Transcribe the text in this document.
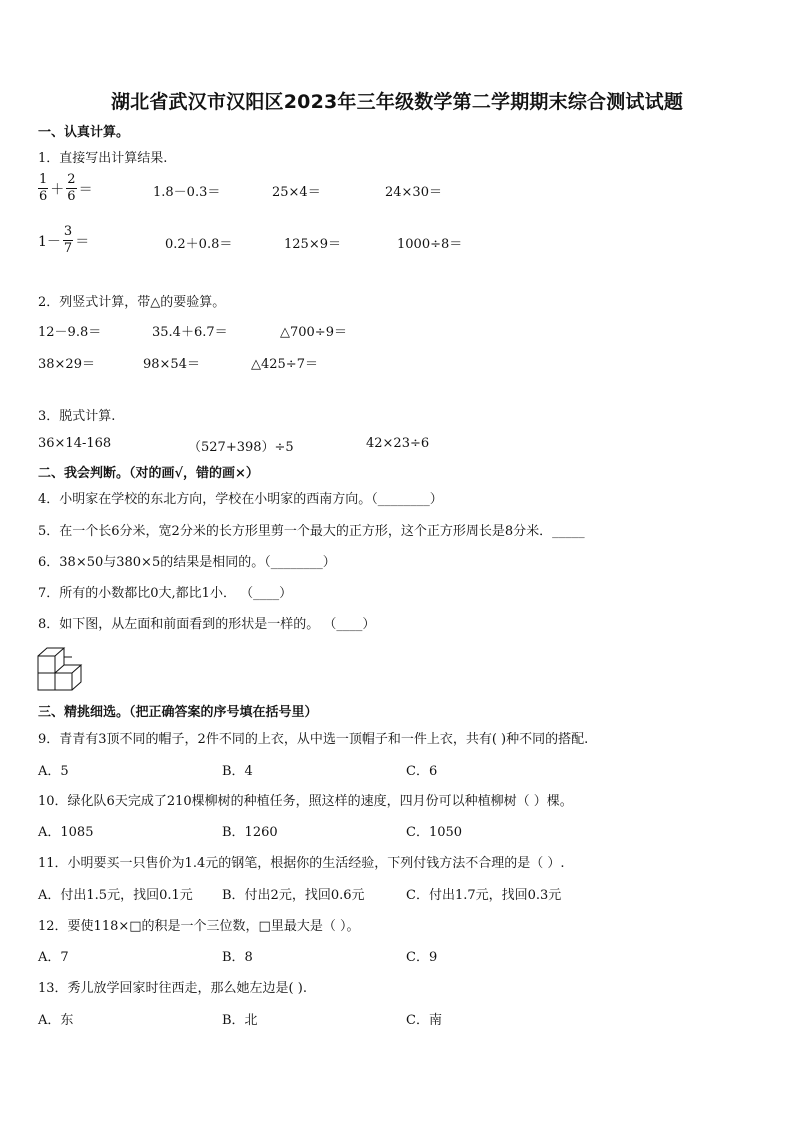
湖北省武汉市汉阳区2023年三年级数学第二学期期末综合测试试题
一、认真计算。
1．直接写出计算结果.
$\frac{1}{6} + \frac{2}{6}$ ＝	1.8－0.3＝	25×4＝	24×30＝
$1- \frac{3}{7}$ ＝	0.2＋0.8＝	125×9＝	1000÷8＝
2．列竖式计算，带△的要验算。
12－9.8＝	35.4＋6.7＝	△700÷9＝
38×29＝	98×54＝	△425÷7＝
3．脱式计算.
36×14-168	（527+398）÷5	42×23÷6
二、我会判断。（对的画√，错的画×）
4．小明家在学校的东北方向，学校在小明家的西南方向。（________）
5．在一个长6分米，宽2分米的长方形里剪一个最大的正方形，这个正方形周长是8分米．_____
6．38×50与380×5的结果是相同的。（________）
7．所有的小数都比0大,都比1小． （____）
8．如下图，从左面和前面看到的形状是一样的。 （____）
三、精挑细选。（把正确答案的序号填在括号里）
9．青青有3顶不同的帽子，2件不同的上衣，从中选一顶帽子和一件上衣，共有( )种不同的搭配.
A．5	B．4	C．6
10．绿化队6天完成了210棵柳树的种植任务，照这样的速度，四月份可以种植柳树（ ）棵。
A．1085	B．1260	C．1050
11．小明要买一只售价为1.4元的钢笔，根据你的生活经验，下列付钱方法不合理的是（ ）.
A．付出1.5元，找回0.1元 B．付出2元，找回0.6元	C．付出1.7元，找回0.3元
12．要使118×□的积是一个三位数，□里最大是（ ）。
A．7	B．8	C．9
13．秀儿放学回家时往西走，那么她左边是( ).
A．东	B．北	C．南
